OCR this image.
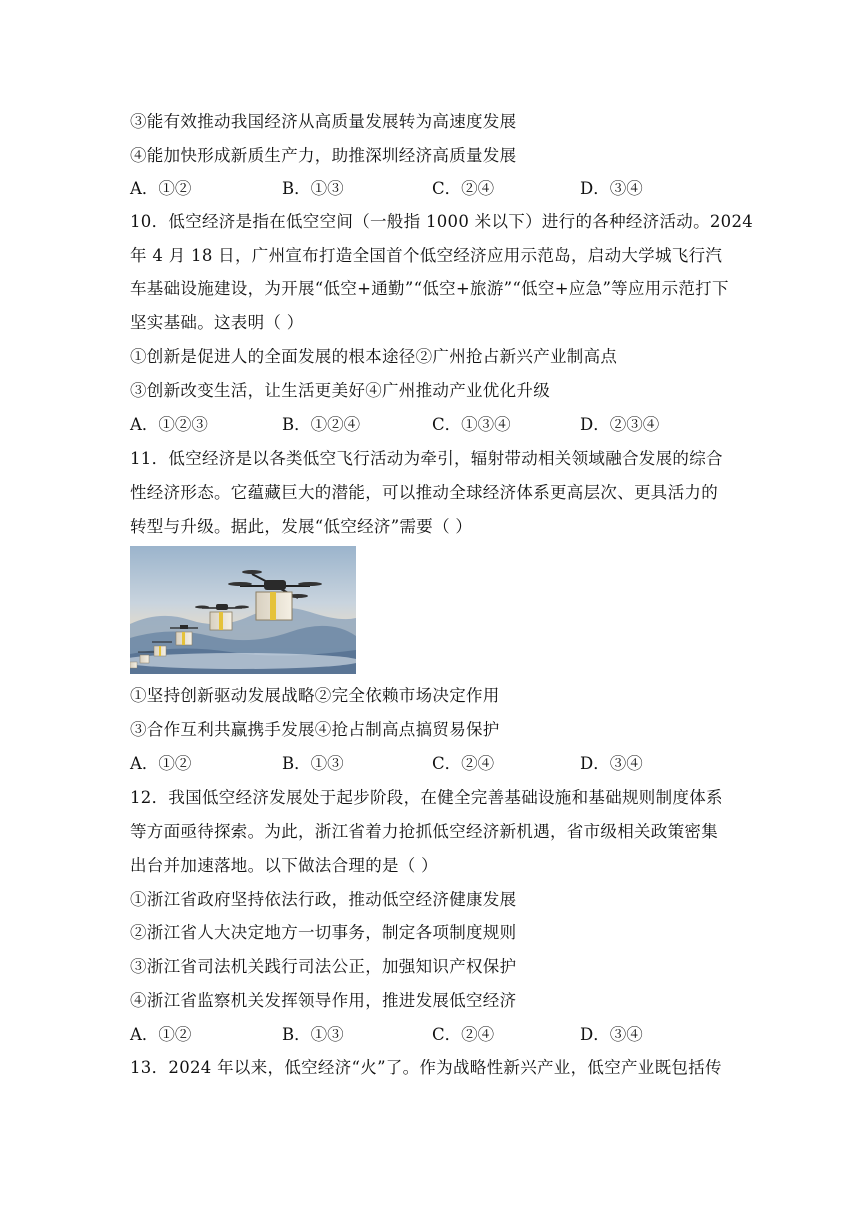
③能有效推动我国经济从高质量发展转为高速度发展
④能加快形成新质生产力，助推深圳经济高质量发展
A．①②	B．①③	C．②④	D．③④
10．低空经济是指在低空空间（一般指 1000 米以下）进行的各种经济活动。2024
年 4 月 18 日，广州宣布打造全国首个低空经济应用示范岛，启动大学城飞行汽
车基础设施建设，为开展“低空+通勤”“低空+旅游”“低空+应急”等应用示范打下
坚实基础。这表明（ ）
①创新是促进人的全面发展的根本途径②广州抢占新兴产业制高点
③创新改变生活，让生活更美好④广州推动产业优化升级
A．①②③	B．①②④	C．①③④	D．②③④
11．低空经济是以各类低空飞行活动为牵引，辐射带动相关领域融合发展的综合
性经济形态。它蕴藏巨大的潜能，可以推动全球经济体系更高层次、更具活力的
转型与升级。据此，发展“低空经济”需要（ ）
①坚持创新驱动发展战略②完全依赖市场决定作用
③合作互利共赢携手发展④抢占制高点搞贸易保护
A．①②	B．①③	C．②④	D．③④
12．我国低空经济发展处于起步阶段，在健全完善基础设施和基础规则制度体系
等方面亟待探索。为此，浙江省着力抢抓低空经济新机遇，省市级相关政策密集
出台并加速落地。以下做法合理的是（ ）
①浙江省政府坚持依法行政，推动低空经济健康发展
②浙江省人大决定地方一切事务，制定各项制度规则
③浙江省司法机关践行司法公正，加强知识产权保护
④浙江省监察机关发挥领导作用，推进发展低空经济
A．①②	B．①③	C．②④	D．③④
13．2024 年以来，低空经济“火”了。作为战略性新兴产业，低空产业既包括传
